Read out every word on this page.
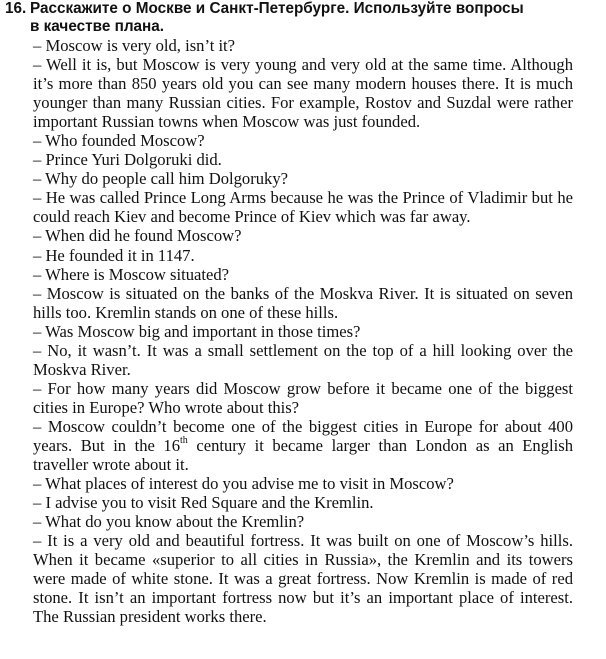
16. Расскажите о Москве и Санкт-Петербурге. Используйте вопросы
в качестве плана.

– Moscow is very old, isn’t it?

– Well it is, but Moscow is very young and very old at the same time. Although it’s more than 850 years old you can see many modern houses there. It is much younger than many Russian cities. For example, Rostov and Suzdal were rather important Russian towns when Moscow was just founded.

– Who founded Moscow?

– Prince Yuri Dolgoruki did.

– Why do people call him Dolgoruky?

– He was called Prince Long Arms because he was the Prince of Vladimir but he could reach Kiev and become Prince of Kiev which was far away.

– When did he found Moscow?

– He founded it in 1147.

– Where is Moscow situated?

– Moscow is situated on the banks of the Moskva River. It is situated on seven hills too. Kremlin stands on one of these hills.

– Was Moscow big and important in those times?

– No, it wasn’t. It was a small settlement on the top of a hill looking over the Moskva River.

– For how many years did Moscow grow before it became one of the biggest cities in Europe? Who wrote about this?

– Moscow couldn’t become one of the biggest cities in Europe for about 400 years. But in the 16th century it became larger than London as an English traveller wrote about it.

– What places of interest do you advise me to visit in Moscow?

– I advise you to visit Red Square and the Kremlin.

– What do you know about the Kremlin?

– It is a very old and beautiful fortress. It was built on one of Moscow’s hills. When it became «superior to all cities in Russia», the Kremlin and its towers were made of white stone. It was a great fortress. Now Kremlin is made of red stone. It isn’t an important fortress now but it’s an important place of interest. The Russian president works there.
